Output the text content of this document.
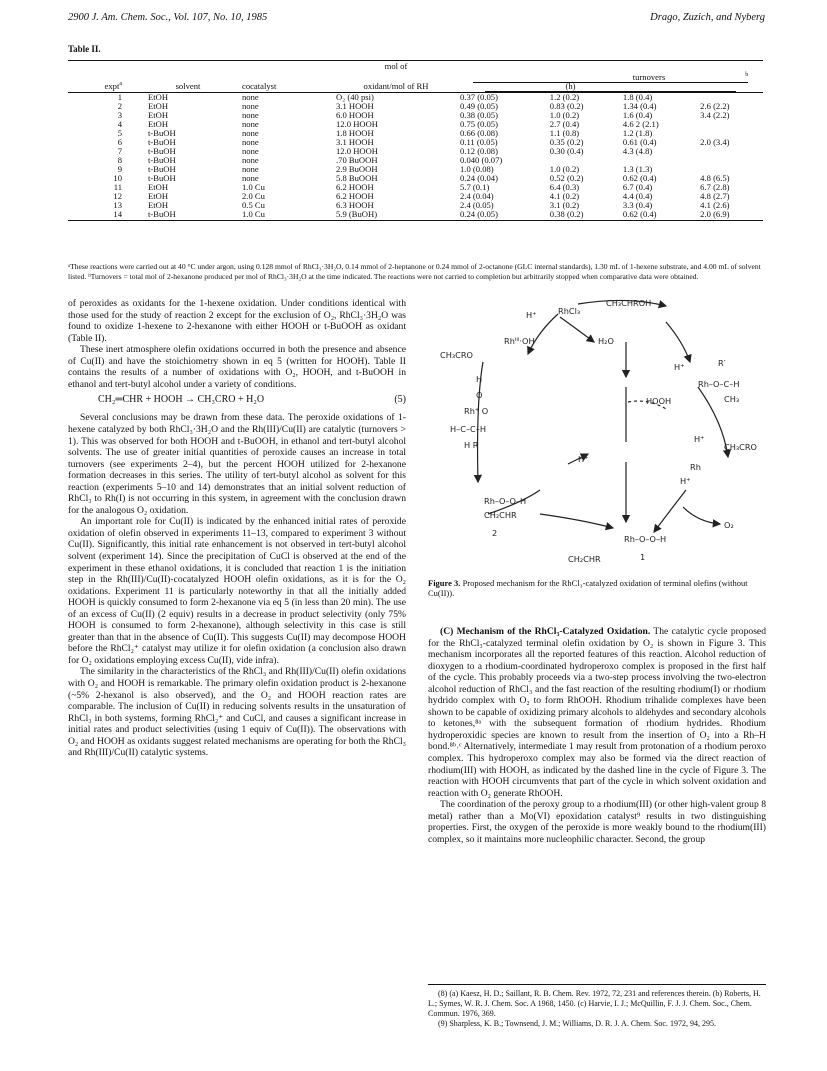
2900 J. Am. Chem. Soc., Vol. 107, No. 10, 1985	Drago, Zuzich, and Nyberg
Table II.
			mol of				
expt$^a$	solvent	cocatalyst	oxidant/mol of RH	turnovers $^b$ (h)			
1	EtOH	none	O₂ (40 psi)	0.37 (0.05)	1.2 (0.2)	1.8 (0.4)	
2	EtOH	none	3.1 HOOH	0.49 (0.05)	0.83 (0.2)	1.34 (0.4)	2.6 (2.2)
3	EtOH	none	6.0 HOOH	0.38 (0.05)	1.0 (0.2)	1.6 (0.4)	3.4 (2.2)
4	EtOH	none	12.0 HOOH	0.75 (0.05)	2.7 (0.4)	4.6 2 (2.1)	
5	t-BuOH	none	1.8 HOOH	0.66 (0.08)	1.1 (0.8)	1.2 (1.8)	
6	t-BuOH	none	3.1 HOOH	0.11 (0.05)	0.35 (0.2)	0.61 (0.4)	2.0 (3.4)
7	t-BuOH	none	12.0 HOOH	0.12 (0.08)	0.30 (0.4)	4.3 (4.8)	
8	t-BuOH	none	.70 BuOOH	0.040 (0.07)			
9	t-BuOH	none	2.9 BuOOH	1.0 (0.08)	1.0 (0.2)	1.3 (1.3)	
10	t-BuOH	none	5.8 BuOOH	0.24 (0.04)	0.52 (0.2)	0.62 (0.4)	4.8 (6.5)
11	EtOH	1.0 Cu	6.2 HOOH	5.7 (0.1)	6.4 (0.3)	6.7 (0.4)	6.7 (2.8)
12	EtOH	2.0 Cu	6.2 HOOH	2.4 (0.04)	4.1 (0.2)	4.4 (0.4)	4.8 (2.7)
13	EtOH	0.5 Cu	6.3 HOOH	2.4 (0.05)	3.1 (0.2)	3.3 (0.4)	4.1 (2.6)
14	t-BuOH	1.0 Cu	5.9 (BuOH)	0.24 (0.05)	0.38 (0.2)	0.62 (0.4)	2.0 (6.9)
ᵃThese reactions were carried out at 40 °C under argon, using 0.128 mmol of RhCl₃·3H₂O, 0.14 mmol of 2-heptanone or 0.24 mmol of 2-octanone (GLC internal standards), 1.30 mL of 1-hexene substrate, and 4.00 mL of solvent listed. ᵇTurnovers = total mol of 2-hexanone produced per mol of RhCl₃·3H₂O at the time indicated. The reactions were not carried to completion but arbitrarily stopped when comparative data were obtained.

of peroxides as oxidants for the 1-hexene oxidation. Under conditions identical with those used for the study of reaction 2 except for the exclusion of O₂, RhCl₃·3H₂O was found to oxidize 1-hexene to 2-hexanone with either HOOH or t-BuOOH as oxidant (Table II).

These inert atmosphere olefin oxidations occurred in both the presence and absence of Cu(II) and have the stoichiometry shown in eq 5 (written for HOOH). Table II contains the results of a number of oxidations with O₂, HOOH, and t-BuOOH in ethanol and tert-butyl alcohol under a variety of conditions.

CH₂═CHR + HOOH → CH₃CRO + H₂O	(5)

Several conclusions may be drawn from these data. The peroxide oxidations of 1-hexene catalyzed by both RhCl₃·3H₂O and the Rh(III)/Cu(II) are catalytic (turnovers > 1). This was observed for both HOOH and t-BuOOH, in ethanol and tert-butyl alcohol solvents. The use of greater initial quantities of peroxide causes an increase in total turnovers (see experiments 2–4), but the percent HOOH utilized for 2-hexanone formation decreases in this series. The utility of tert-butyl alcohol as solvent for this reaction (experiments 5–10 and 14) demonstrates that an initial solvent reduction of RhCl₃ to Rh(I) is not occurring in this system, in agreement with the conclusion drawn for the analogous O₂ oxidation.

An important role for Cu(II) is indicated by the enhanced initial rates of peroxide oxidation of olefin observed in experiments 11–13, compared to experiment 3 without Cu(II). Significantly, this initial rate enhancement is not observed in tert-butyl alcohol solvent (experiment 14). Since the precipitation of CuCl is observed at the end of the experiment in these ethanol oxidations, it is concluded that reaction 1 is the initiation step in the Rh(III)/Cu(II)-cocatalyzed HOOH olefin oxidations, as it is for the O₂ oxidations. Experiment 11 is particularly noteworthy in that all the initially added HOOH is quickly consumed to form 2-hexanone via eq 5 (in less than 20 min). The use of an excess of Cu(II) (2 equiv) results in a decrease in product selectivity (only 75% HOOH is consumed to form 2-hexanone), although selectivity in this case is still greater than that in the absence of Cu(II). This suggests Cu(II) may decompose HOOH before the RhCl₂⁺ catalyst may utilize it for olefin oxidation (a conclusion also drawn for O₂ oxidations employing excess Cu(II), vide infra).

The similarity in the characteristics of the RhCl₃ and Rh(III)/Cu(II) olefin oxidations with O₂ and HOOH is remarkable. The primary olefin oxidation product is 2-hexanone (~5% 2-hexanol is also observed), and the O₂ and HOOH reaction rates are comparable. The inclusion of Cu(II) in reducing solvents results in the unsaturation of RhCl₃ in both systems, forming RhCl₂⁺ and CuCl, and causes a significant increase in initial rates and product selectivities (using 1 equiv of Cu(II)). The observations with O₂ and HOOH as oxidants suggest related mechanisms are operating for both the RhCl₃ and Rh(III)/Cu(II) catalytic systems.

CH₃CHROH
RhCl₃
H⁺
Rhᴵᴵᴵ·OH	H₂O
CH₃CRO
H⁺	R′
Rh–O–C–H
CH₃
HOOH
H
O
Rh⁺ O
H–C–C–H
H R
H⁺
H⁺
CH₃CRO
Rh–O–O–H
CH₂CHR
2
H⁺
Rh
O₂
Rh–O–O–H
CH₂CHR	1
Figure 3. Proposed mechanism for the RhCl₃-catalyzed oxidation of terminal olefins (without Cu(II)).

(C) Mechanism of the RhCl₃-Catalyzed Oxidation. The catalytic cycle proposed for the RhCl₃-catalyzed terminal olefin oxidation by O₂ is shown in Figure 3. This mechanism incorporates all the reported features of this reaction. Alcohol reduction of dioxygen to a rhodium-coordinated hydroperoxo complex is proposed in the first half of the cycle. This probably proceeds via a two-step process involving the two-electron alcohol reduction of RhCl₃ and the fast reaction of the resulting rhodium(I) or rhodium hydrido complex with O₂ to form RhOOH. Rhodium trihalide complexes have been shown to be capable of oxidizing primary alcohols to aldehydes and secondary alcohols to ketones,⁸ᵃ with the subsequent formation of rhodium hydrides. Rhodium hydroperoxidic species are known to result from the insertion of O₂ into a Rh–H bond.⁸ᵇ˒ᶜ Alternatively, intermediate 1 may result from protonation of a rhodium peroxo complex. This hydroperoxo complex may also be formed via the direct reaction of rhodium(III) with HOOH, as indicated by the dashed line in the cycle of Figure 3. The reaction with HOOH circumvents that part of the cycle in which solvent oxidation and reaction with O₂ generate RhOOH.

The coordination of the peroxy group to a rhodium(III) (or other high-valent group 8 metal) rather than a Mo(VI) epoxidation catalyst⁹ results in two distinguishing properties. First, the oxygen of the peroxide is more weakly bound to the rhodium(III) complex, so it maintains more nucleophilic character. Second, the group

(8) (a) Kaesz, H. D.; Saillant, R. B. Chem. Rev. 1972, 72, 231 and references therein. (b) Roberts, H. L.; Symes, W. R. J. Chem. Soc. A 1968, 1450. (c) Harvie, I. J.; McQuillin, F. J. J. Chem. Soc., Chem. Commun. 1976, 369.

(9) Sharpless, K. B.; Townsend, J. M.; Williams, D. R. J. A. Chem. Soc. 1972, 94, 295.
